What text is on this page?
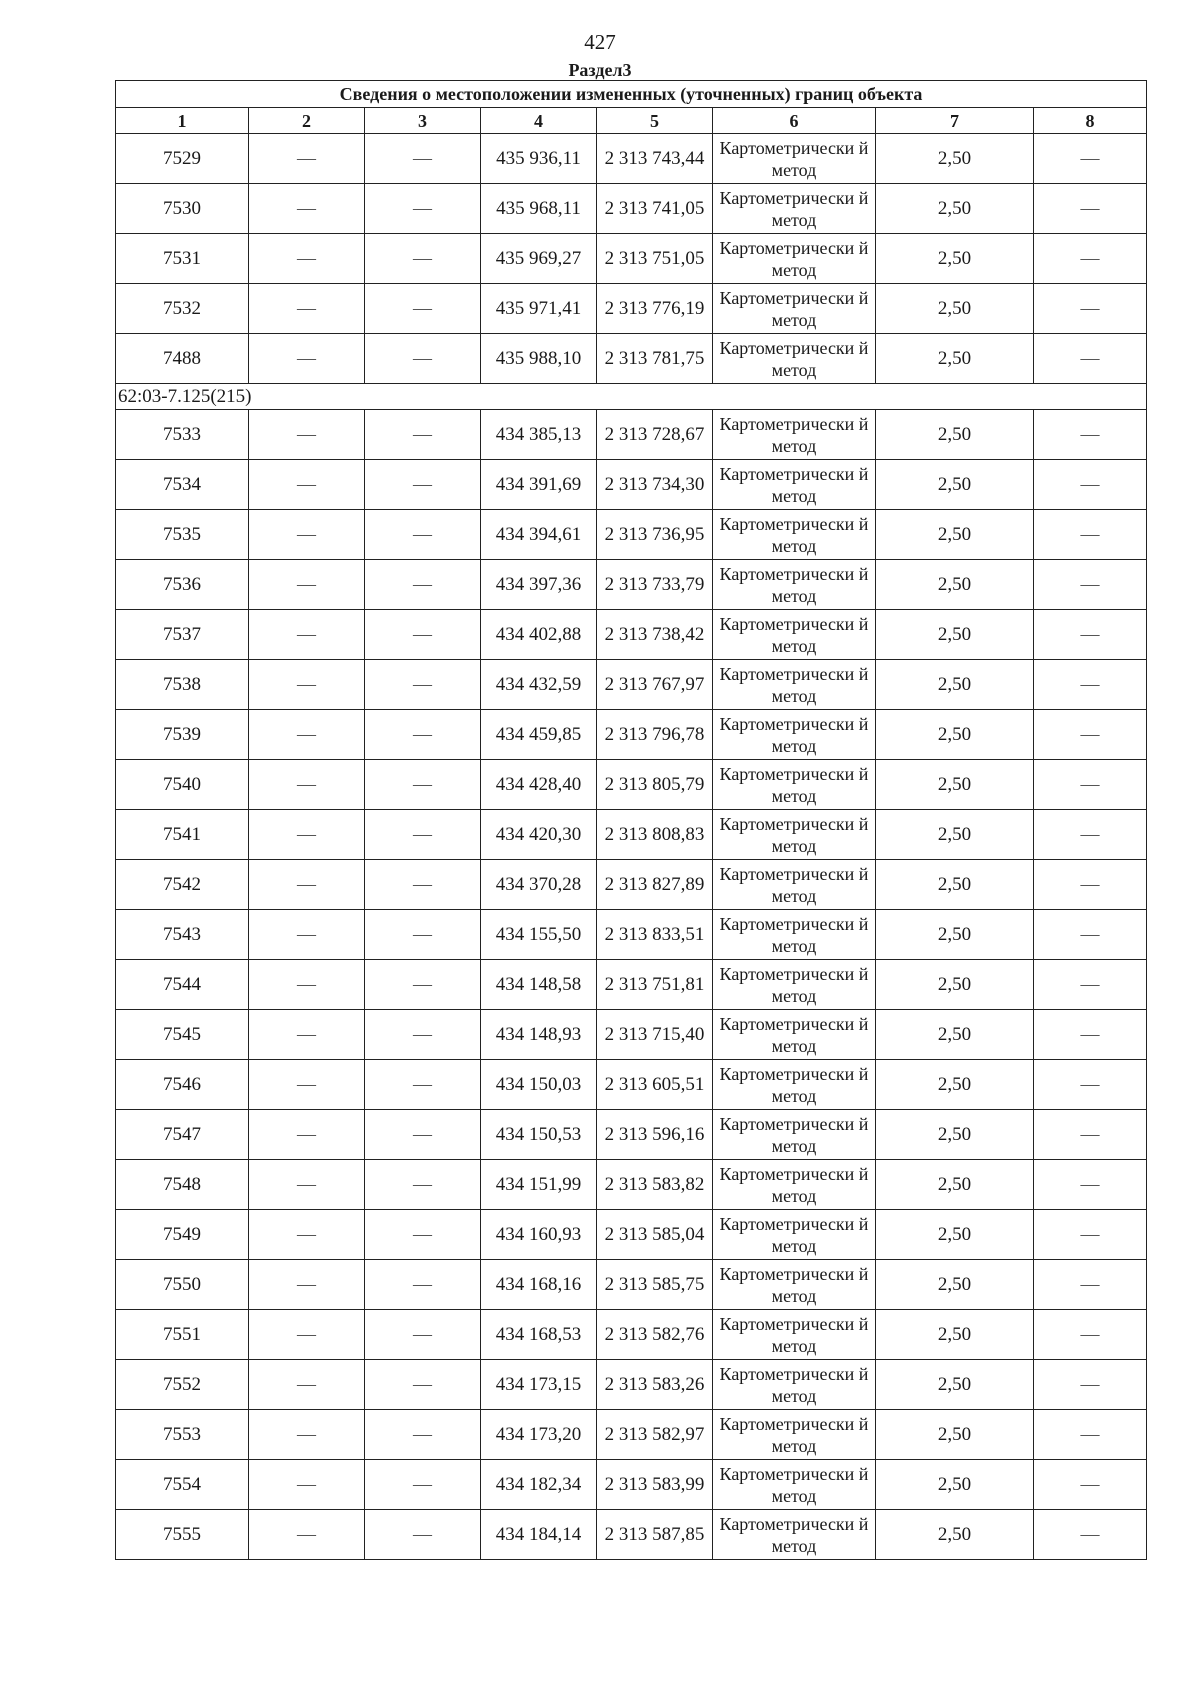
427
Раздел3
Сведения о местоположении измененных (уточненных) границ объекта							
1	2	3	4	5	6	7	8
7529	—	—	435 936,11	2 313 743,44	Картометрически й метод	2,50	—
7530	—	—	435 968,11	2 313 741,05	Картометрически й метод	2,50	—
7531	—	—	435 969,27	2 313 751,05	Картометрически й метод	2,50	—
7532	—	—	435 971,41	2 313 776,19	Картометрически й метод	2,50	—
7488	—	—	435 988,10	2 313 781,75	Картометрически й метод	2,50	—
62:03-7.125(215)							
7533	—	—	434 385,13	2 313 728,67	Картометрически й метод	2,50	—
7534	—	—	434 391,69	2 313 734,30	Картометрически й метод	2,50	—
7535	—	—	434 394,61	2 313 736,95	Картометрически й метод	2,50	—
7536	—	—	434 397,36	2 313 733,79	Картометрически й метод	2,50	—
7537	—	—	434 402,88	2 313 738,42	Картометрически й метод	2,50	—
7538	—	—	434 432,59	2 313 767,97	Картометрически й метод	2,50	—
7539	—	—	434 459,85	2 313 796,78	Картометрически й метод	2,50	—
7540	—	—	434 428,40	2 313 805,79	Картометрически й метод	2,50	—
7541	—	—	434 420,30	2 313 808,83	Картометрически й метод	2,50	—
7542	—	—	434 370,28	2 313 827,89	Картометрически й метод	2,50	—
7543	—	—	434 155,50	2 313 833,51	Картометрически й метод	2,50	—
7544	—	—	434 148,58	2 313 751,81	Картометрически й метод	2,50	—
7545	—	—	434 148,93	2 313 715,40	Картометрически й метод	2,50	—
7546	—	—	434 150,03	2 313 605,51	Картометрически й метод	2,50	—
7547	—	—	434 150,53	2 313 596,16	Картометрически й метод	2,50	—
7548	—	—	434 151,99	2 313 583,82	Картометрически й метод	2,50	—
7549	—	—	434 160,93	2 313 585,04	Картометрически й метод	2,50	—
7550	—	—	434 168,16	2 313 585,75	Картометрически й метод	2,50	—
7551	—	—	434 168,53	2 313 582,76	Картометрически й метод	2,50	—
7552	—	—	434 173,15	2 313 583,26	Картометрически й метод	2,50	—
7553	—	—	434 173,20	2 313 582,97	Картометрически й метод	2,50	—
7554	—	—	434 182,34	2 313 583,99	Картометрически й метод	2,50	—
7555	—	—	434 184,14	2 313 587,85	Картометрически й метод	2,50	—
